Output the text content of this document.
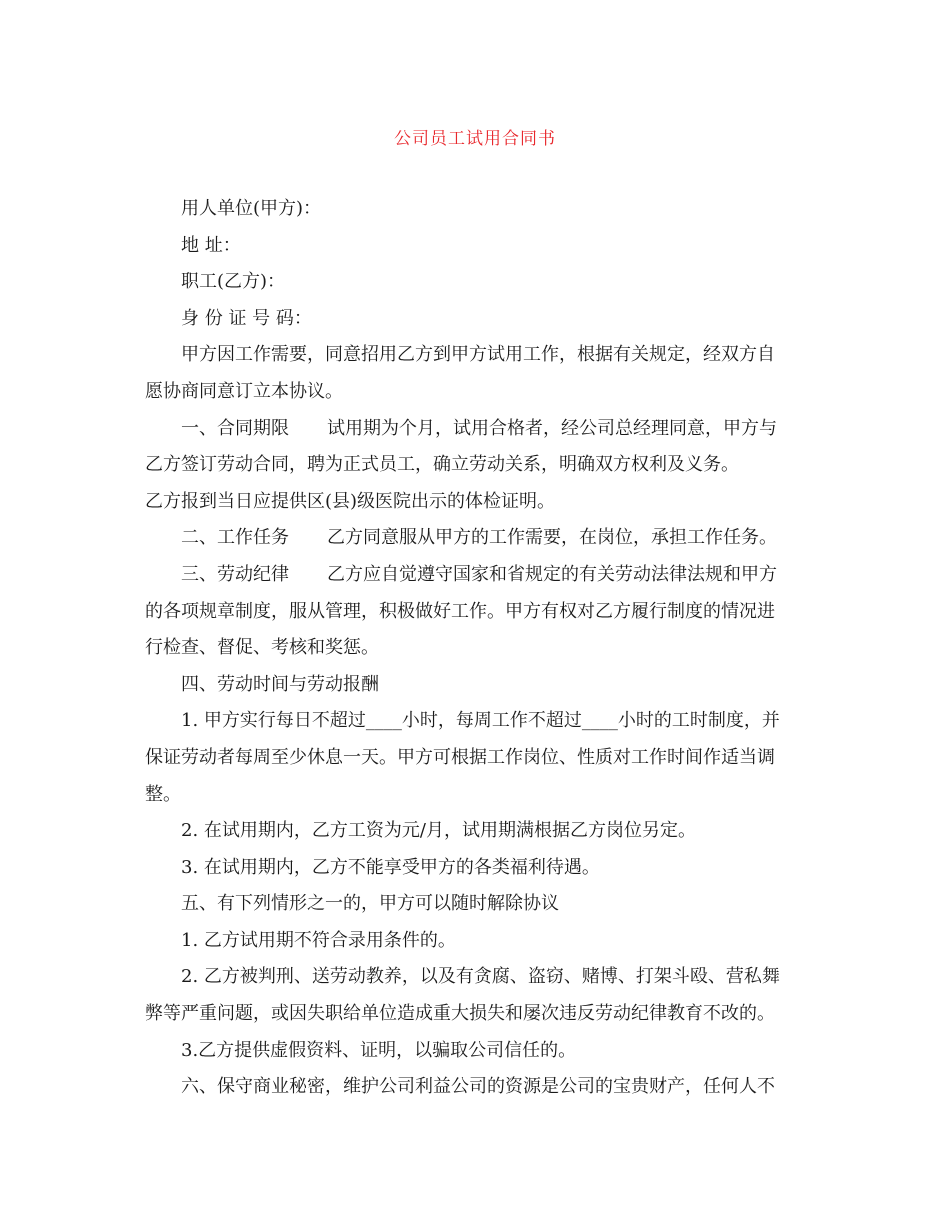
公司员工试用合同书
用人单位(甲方)：
地 址：
职工(乙方)：
身 份 证 号 码：
甲方因工作需要，同意招用乙方到甲方试用工作，根据有关规定，经双方自
愿协商同意订立本协议。
一、合同期限 试用期为个月，试用合格者，经公司总经理同意，甲方与
乙方签订劳动合同，聘为正式员工，确立劳动关系，明确双方权利及义务。
乙方报到当日应提供区(县)级医院出示的体检证明。
二、工作任务 乙方同意服从甲方的工作需要，在岗位，承担工作任务。
三、劳动纪律 乙方应自觉遵守国家和省规定的有关劳动法律法规和甲方
的各项规章制度，服从管理，积极做好工作。甲方有权对乙方履行制度的情况进
行检查、督促、考核和奖惩。
四、劳动时间与劳动报酬
1. 甲方实行每日不超过____小时，每周工作不超过____小时的工时制度，并
保证劳动者每周至少休息一天。甲方可根据工作岗位、性质对工作时间作适当调
整。
2. 在试用期内，乙方工资为元/月，试用期满根据乙方岗位另定。
3. 在试用期内，乙方不能享受甲方的各类福利待遇。
五、有下列情形之一的，甲方可以随时解除协议
1. 乙方试用期不符合录用条件的。
2. 乙方被判刑、送劳动教养，以及有贪腐、盗窃、赌博、打架斗殴、营私舞
弊等严重问题，或因失职给单位造成重大损失和屡次违反劳动纪律教育不改的。
3.乙方提供虚假资料、证明，以骗取公司信任的。
六、保守商业秘密，维护公司利益公司的资源是公司的宝贵财产，任何人不
